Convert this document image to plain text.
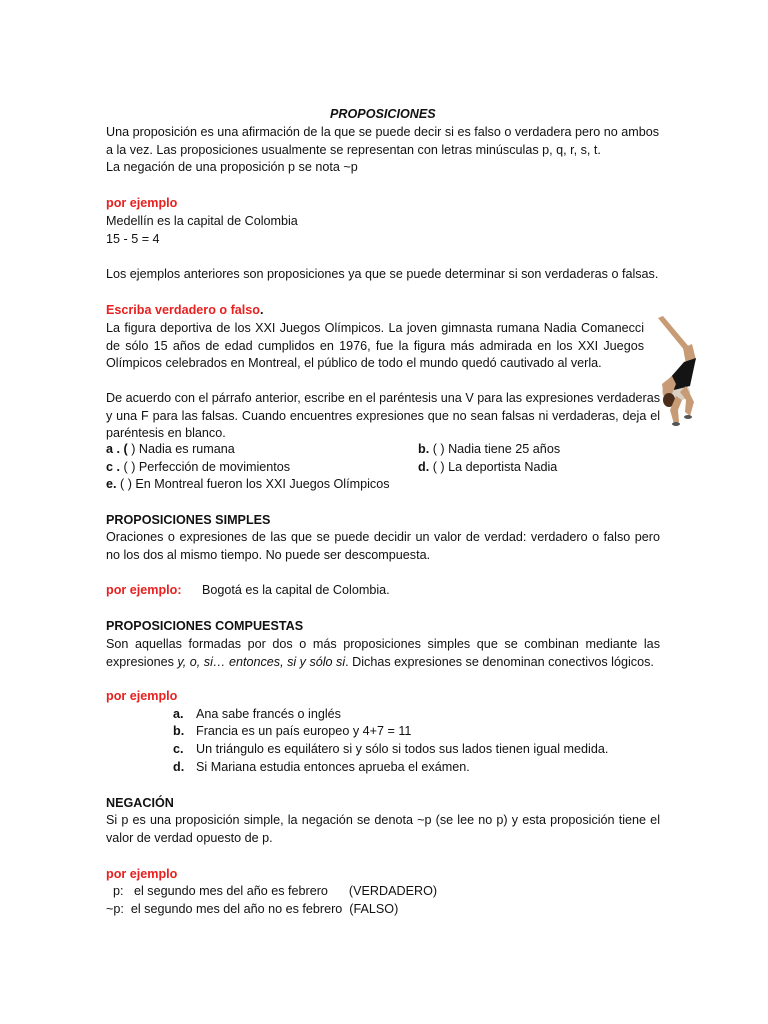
PROPOSICIONES
Una proposición es una afirmación de la que se puede decir si es falso o verdadera pero no ambos
a la vez. Las proposiciones usualmente se representan con letras minúsculas p, q, r, s, t.
La negación de una proposición p se nota ~p
por ejemplo
Medellín es la capital de Colombia
15 - 5 = 4
Los ejemplos anteriores son proposiciones ya que se puede determinar si son verdaderas o falsas.
Escriba verdadero o falso.
La figura deportiva de los XXI Juegos Olímpicos. La joven gimnasta rumana Nadia Comanecci de sólo 15 años de edad cumplidos en 1976, fue la figura más admirada en los XXI Juegos Olímpicos celebrados en Montreal, el público de todo el mundo quedó cautivado al verla.
De acuerdo con el párrafo anterior, escribe en el paréntesis una V para las expresiones verdaderas y una F para las falsas. Cuando encuentres expresiones que no sean falsas ni verdaderas, deja el paréntesis en blanco.
a . ( ) Nadia es rumana	b. ( ) Nadia tiene 25 años
c . ( ) Perfección de movimientos	d. ( ) La deportista Nadia
e. ( ) En Montreal fueron los XXI Juegos Olímpicos
PROPOSICIONES SIMPLES
Oraciones o expresiones de las que se puede decidir un valor de verdad: verdadero o falso pero no los dos al mismo tiempo. No puede ser descompuesta.
por ejemplo: Bogotá es la capital de Colombia.
PROPOSICIONES COMPUESTAS
Son aquellas formadas por dos o más proposiciones simples que se combinan mediante las expresiones y, o, si… entonces, si y sólo si. Dichas expresiones se denominan conectivos lógicos.
por ejemplo
a. Ana sabe francés o inglés
b. Francia es un país europeo y 4+7 = 11
c. Un triángulo es equilátero si y sólo si todos sus lados tienen igual medida.
d. Si Mariana estudia entonces aprueba el exámen.
NEGACIÓN
Si p es una proposición simple, la negación se denota ~p (se lee no p) y esta proposición tiene el valor de verdad opuesto de p.
por ejemplo
p:   el segundo mes del año es febrero      (VERDADERO)
~p:  el segundo mes del año no es febrero  (FALSO)
